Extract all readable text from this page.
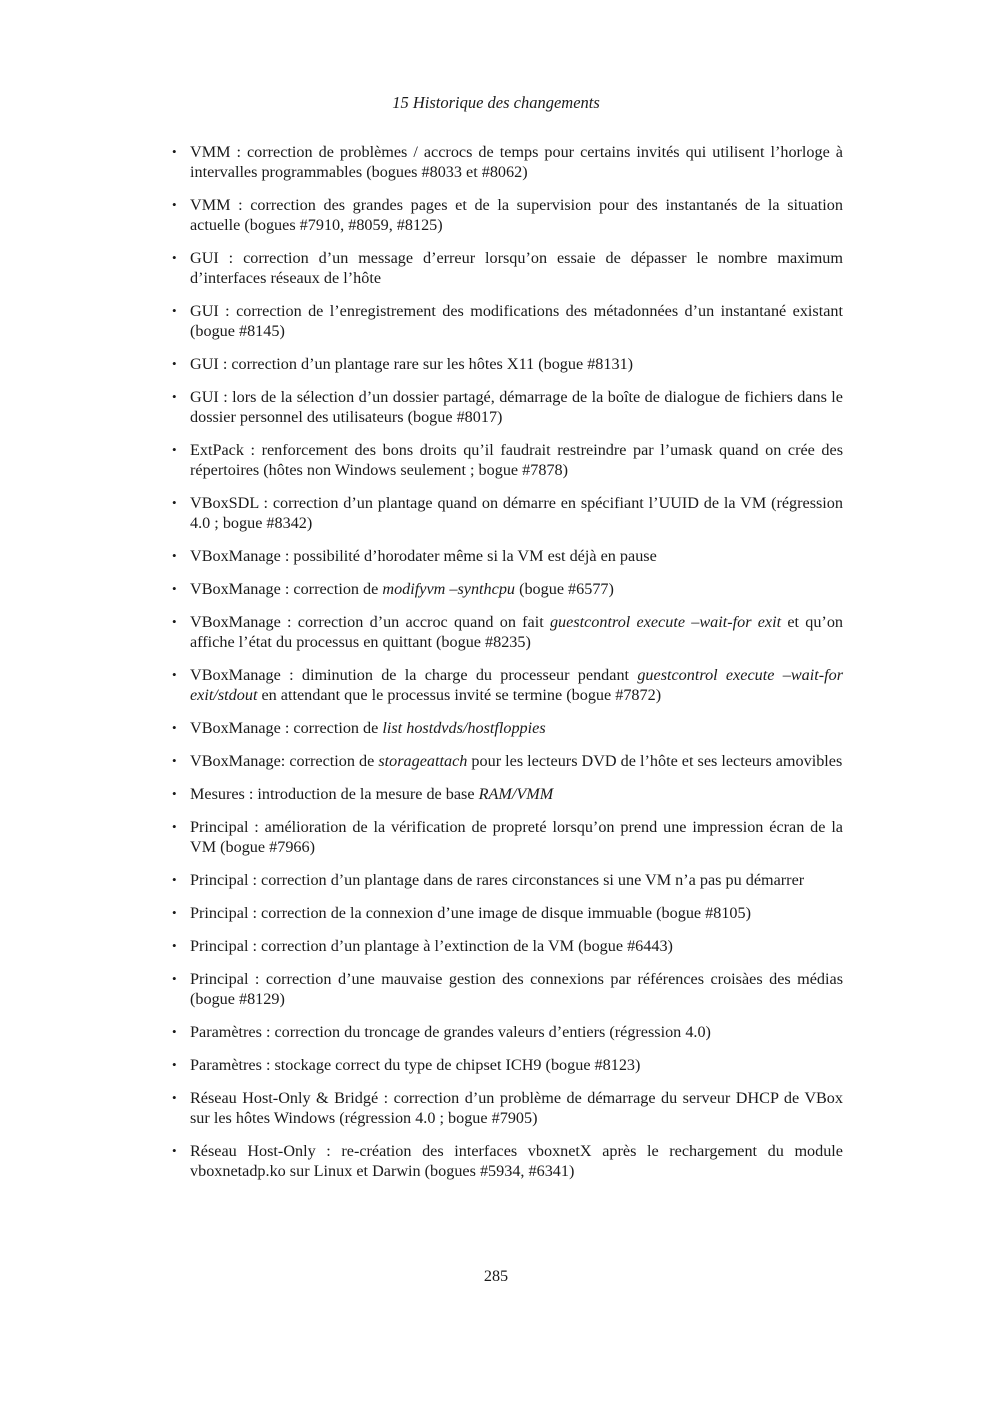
15 Historique des changements
• VMM : correction de problèmes / accrocs de temps pour certains invités qui utilisent l’horloge à intervalles programmables (bogues #8033 et #8062)
• VMM : correction des grandes pages et de la supervision pour des instantanés de la situation actuelle (bogues #7910, #8059, #8125)
• GUI : correction d’un message d’erreur lorsqu’on essaie de dépasser le nombre maximum d’interfaces réseaux de l’hôte
• GUI : correction de l’enregistrement des modifications des métadonnées d’un instantané existant (bogue #8145)
• GUI : correction d’un plantage rare sur les hôtes X11 (bogue #8131)
• GUI : lors de la sélection d’un dossier partagé, démarrage de la boîte de dialogue de fichiers dans le dossier personnel des utilisateurs (bogue #8017)
• ExtPack : renforcement des bons droits qu’il faudrait restreindre par l’umask quand on crée des répertoires (hôtes non Windows seulement ; bogue #7878)
• VBoxSDL : correction d’un plantage quand on démarre en spécifiant l’UUID de la VM (régression 4.0 ; bogue #8342)
• VBoxManage : possibilité d’horodater même si la VM est déjà en pause
• VBoxManage : correction de modifyvm –synthcpu (bogue #6577)
• VBoxManage : correction d’un accroc quand on fait guestcontrol execute –wait-for exit et qu’on affiche l’état du processus en quittant (bogue #8235)
• VBoxManage : diminution de la charge du processeur pendant guestcontrol execute –wait-for exit/stdout en attendant que le processus invité se termine (bogue #7872)
• VBoxManage : correction de list hostdvds/hostfloppies
• VBoxManage: correction de storageattach pour les lecteurs DVD de l’hôte et ses lecteurs amovibles
• Mesures : introduction de la mesure de base RAM/VMM
• Principal : amélioration de la vérification de propreté lorsqu’on prend une impression écran de la VM (bogue #7966)
• Principal : correction d’un plantage dans de rares circonstances si une VM n’a pas pu démarrer
• Principal : correction de la connexion d’une image de disque immuable (bogue #8105)
• Principal : correction d’un plantage à l’extinction de la VM (bogue #6443)
• Principal : correction d’une mauvaise gestion des connexions par références croisàes des médias (bogue #8129)
• Paramètres : correction du troncage de grandes valeurs d’entiers (régression 4.0)
• Paramètres : stockage correct du type de chipset ICH9 (bogue #8123)
• Réseau Host-Only & Bridgé : correction d’un problème de démarrage du serveur DHCP de VBox sur les hôtes Windows (régression 4.0 ; bogue #7905)
• Réseau Host-Only : re-création des interfaces vboxnetX après le rechargement du module vboxnetadp.ko sur Linux et Darwin (bogues #5934, #6341)
285
